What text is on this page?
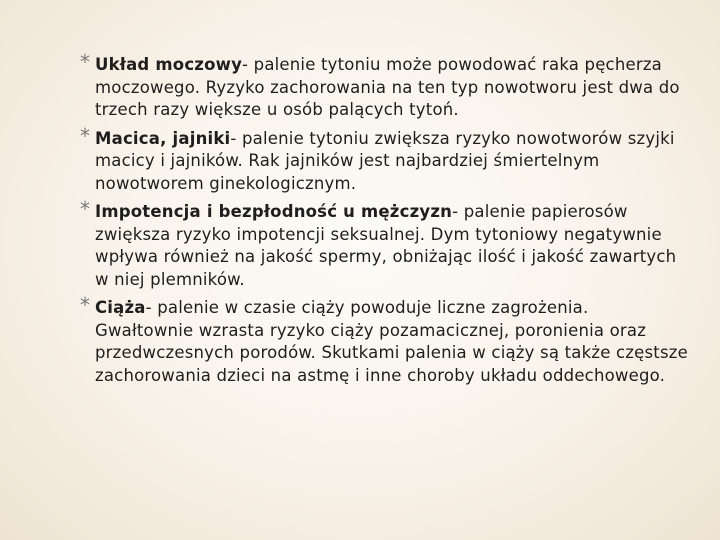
* Układ moczowy- palenie tytoniu może powodować raka pęcherza moczowego. Ryzyko zachorowania na ten typ nowotworu jest dwa do trzech razy większe u osób palących tytoń.
* Macica, jajniki- palenie tytoniu zwiększa ryzyko nowotworów szyjki macicy i jajników. Rak jajników jest najbardziej śmiertelnym nowotworem ginekologicznym.
* Impotencja i bezpłodność u mężczyzn- palenie papierosów zwiększa ryzyko impotencji seksualnej. Dym tytoniowy negatywnie wpływa również na jakość spermy, obniżając ilość i jakość zawartych w niej plemników.
* Ciąża- palenie w czasie ciąży powoduje liczne zagrożenia. Gwałtownie wzrasta ryzyko ciąży pozamacicznej, poronienia oraz przedwczesnych porodów. Skutkami palenia w ciąży są także częstsze zachorowania dzieci na astmę i inne choroby układu oddechowego.
